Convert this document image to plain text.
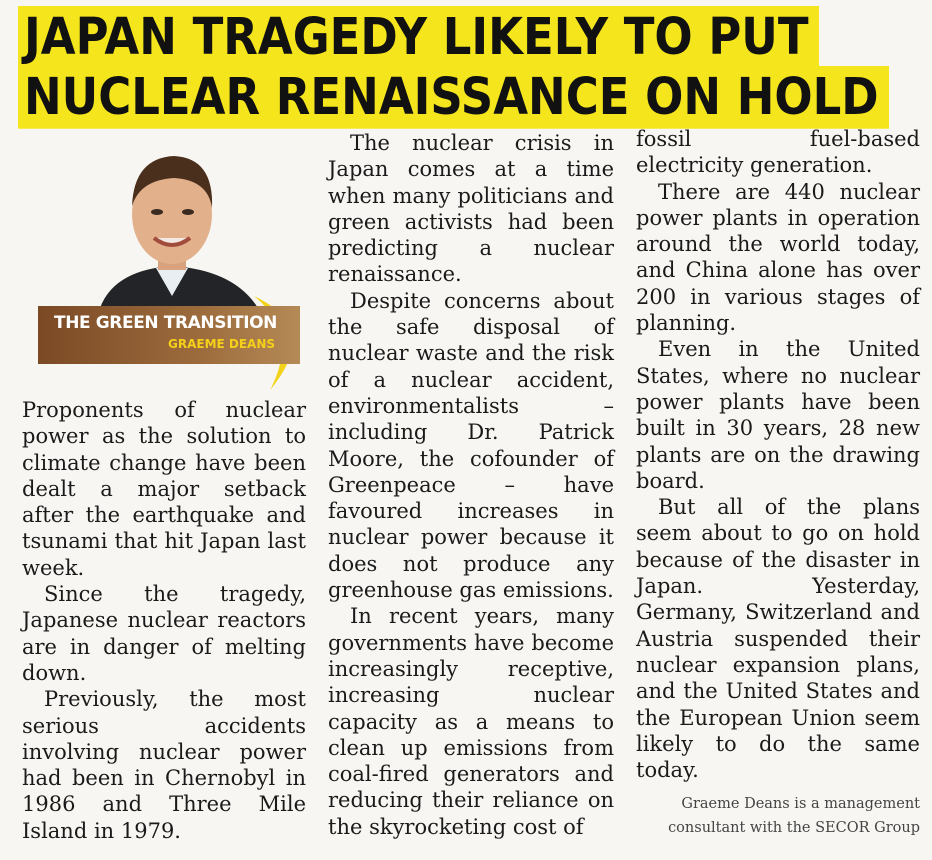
JAPAN TRAGEDY LIKELY TO PUT
NUCLEAR RENAISSANCE ON HOLD
THE GREEN TRANSITION
GRAEME DEANS

Proponents of nuclear power as the solution to climate change have been dealt a major setback after the earthquake and tsunami that hit Japan last week.

Since the tragedy, Japanese nuclear reactors are in danger of melting down.

Previously, the most serious accidents involving nuclear power had been in Chernobyl in 1986 and Three Mile Island in 1979.

The nuclear crisis in Japan comes at a time when many politicians and green activists had been predicting a nuclear renaissance.

Despite concerns about the safe disposal of nuclear waste and the risk of a nuclear accident, environmentalists – including Dr. Patrick Moore, the cofounder of Greenpeace – have favoured increases in nuclear power because it does not produce any greenhouse gas emissions.

In recent years, many governments have become increasingly receptive, increasing nuclear capacity as a means to clean up emissions from coal-fired generators and reducing their reliance on the skyrocketing cost of

fossil fuel-based electricity generation.

There are 440 nuclear power plants in operation around the world today, and China alone has over 200 in various stages of planning.

Even in the United States, where no nuclear power plants have been built in 30 years, 28 new plants are on the drawing board.

But all of the plans seem about to go on hold because of the disaster in Japan. Yesterday, Germany, Switzerland and Austria suspended their nuclear expansion plans, and the United States and the European Union seem likely to do the same today.

Graeme Deans is a management consultant with the SECOR Group
